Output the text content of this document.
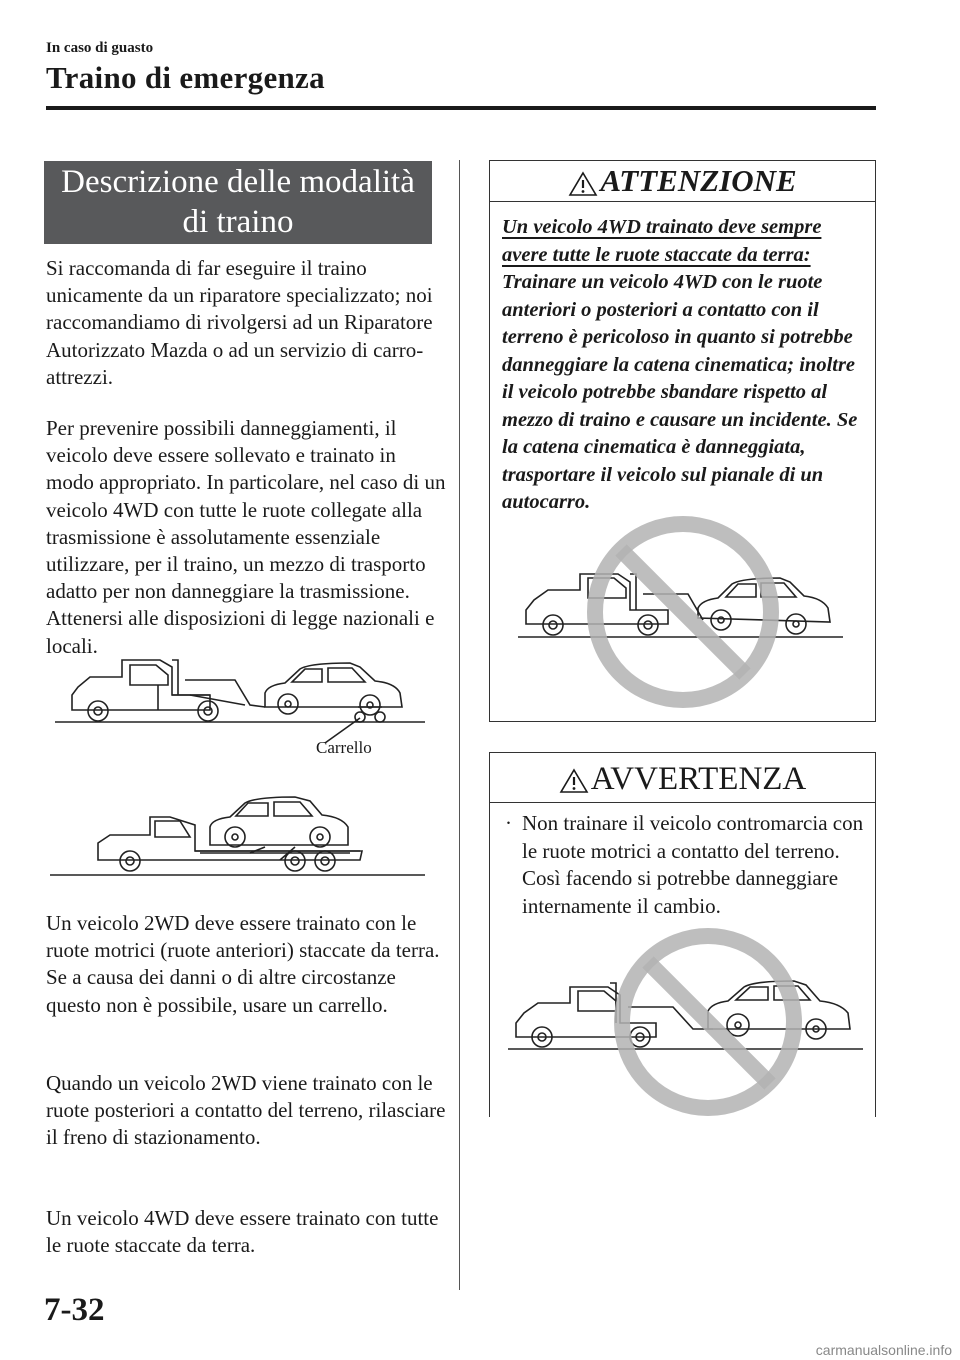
In caso di guasto
Traino di emergenza
Descrizione delle modalità
di traino

Si raccomanda di far eseguire il traino unicamente da un riparatore specializzato; noi raccomandiamo di rivolgersi ad un Riparatore Autorizzato Mazda o ad un servizio di carro-attrezzi.

Per prevenire possibili danneggiamenti, il veicolo deve essere sollevato e trainato in modo appropriato. In particolare, nel caso di un veicolo 4WD con tutte le ruote collegate alla trasmissione è assolutamente essenziale utilizzare, per il traino, un mezzo di trasporto adatto per non danneggiare la trasmissione. Attenersi alle disposizioni di legge nazionali e locali.

Carrello

Un veicolo 2WD deve essere trainato con le ruote motrici (ruote anteriori) staccate da terra. Se a causa dei danni o di altre circostanze questo non è possibile, usare un carrello.

Quando un veicolo 2WD viene trainato con le ruote posteriori a contatto del terreno, rilasciare il freno di stazionamento.

Un veicolo 4WD deve essere trainato con tutte le ruote staccate da terra.

ATTENZIONE
Un veicolo 4WD trainato deve sempre avere tutte le ruote staccate da terra: Trainare un veicolo 4WD con le ruote anteriori o posteriori a contatto con il terreno è pericoloso in quanto si potrebbe danneggiare la catena cinematica; inoltre il veicolo potrebbe sbandare rispetto al mezzo di traino e causare un incidente. Se la catena cinematica è danneggiata, trasportare il veicolo sul pianale di un autocarro.
AVVERTENZA
· Non trainare il veicolo contromarcia con le ruote motrici a contatto del terreno. Così facendo si potrebbe danneggiare internamente il cambio.
7-32
carmanualsonline.info
